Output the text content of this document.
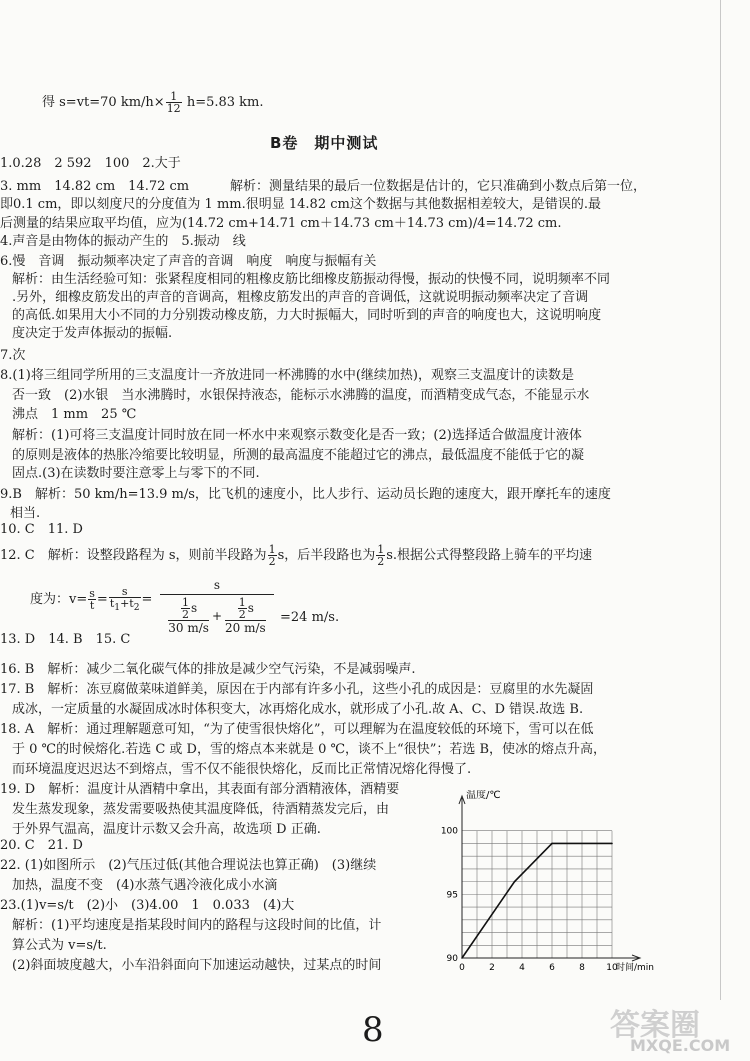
得 s=vt=70 $km/h\times \frac{1}{12} h=5.83$ km.
B卷　期中测试
1.0.28　2 592　100　2.大于
3. mm　14.82 cm　14.72 cm
即0.1 cm，即以刻度尺的分度值为 1 mm.很明显 14.82 cm这个数据与其他数据相差较大，是错误的.最
后测量的结果应取平均值，应为(14.72 cm+14.71 cm＋14.73 cm＋14.73 cm)/4=14.72 cm.
4.声音是由物体的振动产生的　5.振动　线
6.慢　音调　振动频率决定了声音的音调　响度　响度与振幅有关
解析：由生活经验可知：张紧程度相同的粗橡皮筋比细橡皮筋振动得慢，振动的快慢不同，说明频率不同
.另外，细橡皮筋发出的声音的音调高，粗橡皮筋发出的声音的音调低，这就说明振动频率决定了音调
的高低.如果用大小不同的力分别拨动橡皮筋，力大时振幅大，同时听到的声音的响度也大，这说明响度
度决定于发声体振动的振幅.
7.次
8.(1)将三组同学所用的三支温度计一齐放进同一杯沸腾的水中(继续加热)，观察三支温度计的读数是
否一致　(2)水银　当水沸腾时，水银保持液态，能标示水沸腾的温度，而酒精变成气态，不能显示水
沸点　1 mm　25 ℃
解析：(1)可将三支温度计同时放在同一杯水中来观察示数变化是否一致；(2)选择适合做温度计液体
的原则是液体的热胀冷缩要比较明显，所测的最高温度不能超过它的沸点，最低温度不能低于它的凝
固点.(3)在读数时要注意零上与零下的不同.
9.B　解析：50 km/h=13.9 m/s，比飞机的速度小，比人步行、运动员长跑的速度大，跟开摩托车的速度
相当.
10. C　11. D
解析：测量结果的最后一位数据是估计的，它只准确到小数点后第一位，
12. C　解析：设整段路程为 s，则前半段路为 $\frac{1}{2}$ s，后半段路也为 $\frac{1}{2} s$.根据公式得整段路上骑车的平均速
度为：$v= \frac{s}{t} = \frac{s}{t_1+t_2}$ =
s
$\frac{\frac{1}{2} s}{30 m/s} + \frac{\frac{1}{2} s}{20 m/s} =24$ m/s.
13. D　14. B　15. C
16. B　解析：减少二氧化碳气体的排放是减少空气污染，不是减弱噪声.
17. B　解析：冻豆腐做菜味道鲜美，原因在于内部有许多小孔，这些小孔的成因是：豆腐里的水先凝固
成冰，一定质量的水凝固成冰时体积变大，冰再熔化成水，就形成了小孔.故 A、C、D 错误.故选 B.
18. A　解析：通过理解题意可知，“为了使雪很快熔化”，可以理解为在温度较低的环境下，雪可以在低
于 0 ℃的时候熔化.若选 C 或 D，雪的熔点本来就是 0 ℃，谈不上“很快”；若选 B，使冰的熔点升高，
而环境温度迟迟达不到熔点，雪不仅不能很快熔化，反而比正常情况熔化得慢了.
19. D　解析：温度计从酒精中拿出，其表面有部分酒精液体，酒精要
发生蒸发现象，蒸发需要吸热使其温度降低，待酒精蒸发完后，由
于外界气温高，温度计示数又会升高，故选项 D 正确.
20. C　21. D
22. (1)如图所示　(2)气压过低(其他合理说法也算正确)　(3)继续
加热，温度不变　(4)水蒸气遇冷液化成小水滴
23.(1)v=s/t　(2)小　(3)4.00　1　0.033　(4)大
解析：(1)平均速度是指某段时间内的路程与这段时间的比值，计
算公式为 v=s/t.
(2)斜面坡度越大，小车沿斜面向下加速运动越快，过某点的时间	0	2	4	6	8 10
90
95
100
温度/℃
时间/min
8	答案圈
MXQE.COM
